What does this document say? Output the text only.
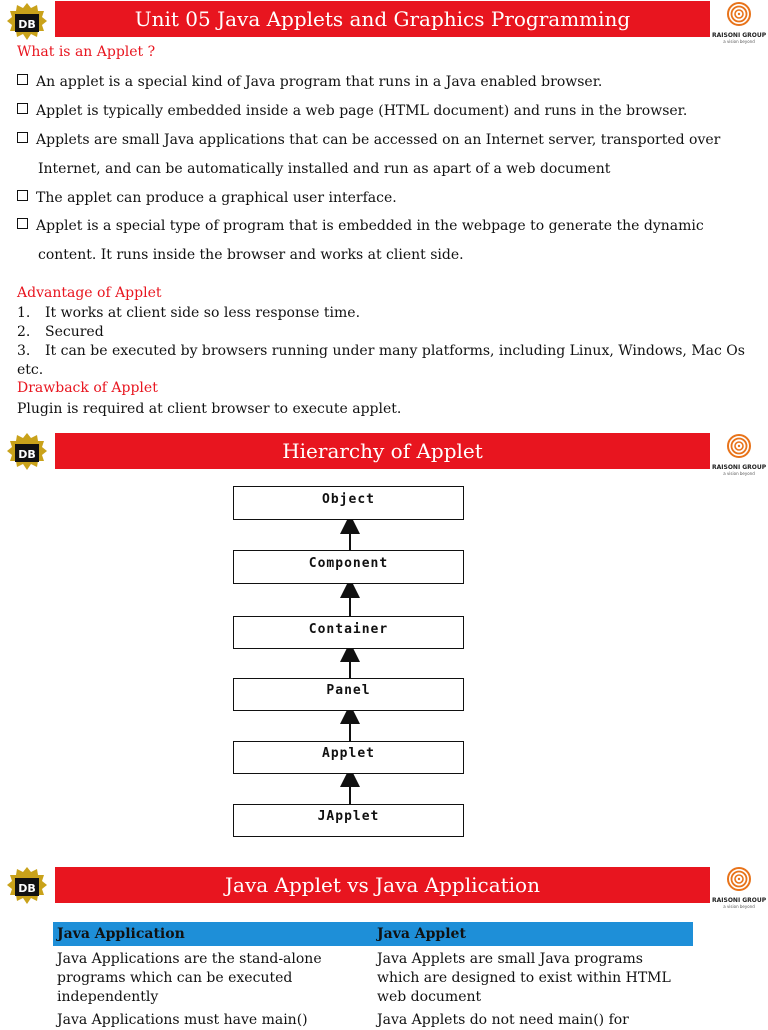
DB	Unit 05 Java Applets and Graphics Programming
RAISONI GROUP
a vision beyond
What is an Applet ?
An applet is a special kind of Java program that runs in a Java enabled browser.
Applet is typically embedded inside a web page (HTML document) and runs in the browser.
Applets are small Java applications that can be accessed on an Internet server, transported over
Internet, and can be automatically installed and run as apart of a web document
The applet can produce a graphical user interface.
Applet is a special type of program that is embedded in the webpage to generate the dynamic
content. It runs inside the browser and works at client side.
Advantage of Applet
1. It works at client side so less response time.
2. Secured
3. It can be executed by browsers running under many platforms, including Linux, Windows, Mac Os
etc.
Drawback of Applet
Plugin is required at client browser to execute applet.
DB	Hierarchy of Applet
RAISONI GROUP
a vision beyond
Object
Component
Container
Panel
Applet
JApplet
DB	Java Applet vs Java Application
RAISONI GROUP
a vision beyond
Java Application	Java Applet
Java Applications are the stand-alone programs which can be executed independently	Java Applets are small Java programs which are designed to exist within HTML web document
Java Applications must have main()	Java Applets do not need main() for
